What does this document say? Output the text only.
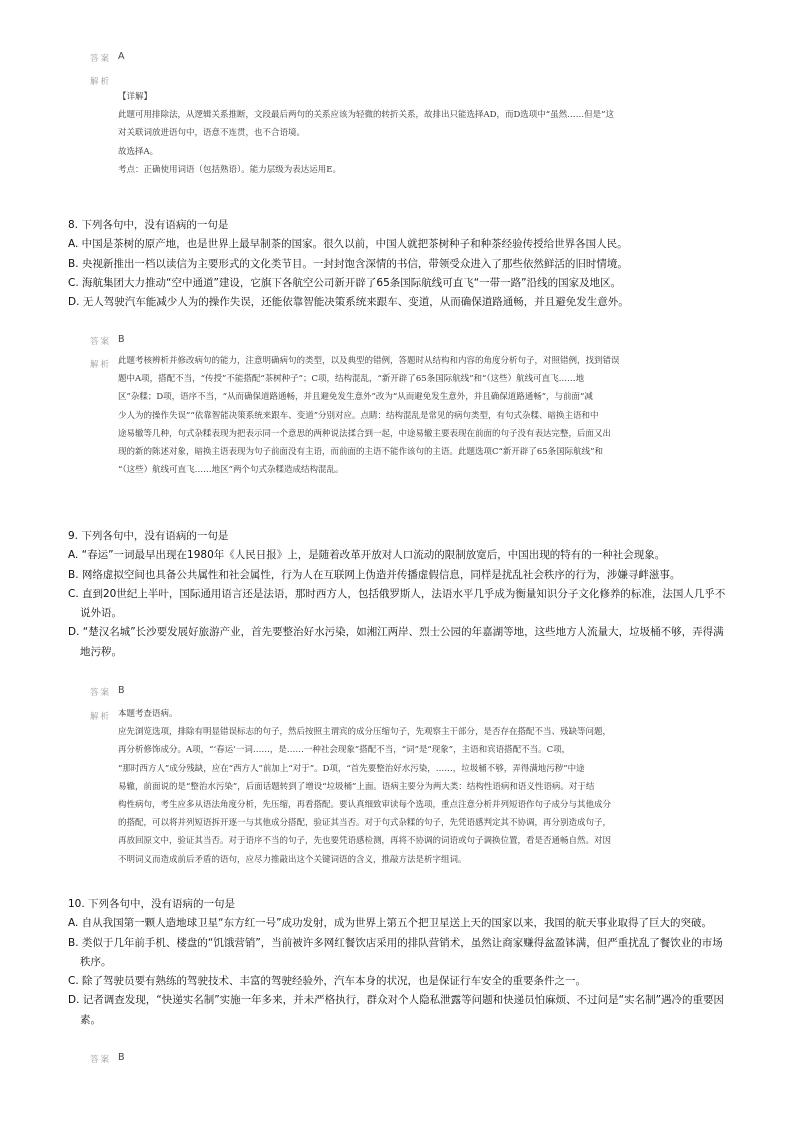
答案 A
解析

【详解】

此题可用排除法，从逻辑关系推断，文段最后两句的关系应该为轻微的转折关系，故排出只能选择AD，而D选项中“虽然……但是”这

对关联词放进语句中，语意不连贯，也不合语境。

故选择A。

考点：正确使用词语（包括熟语）。能力层级为表达运用E。

8. 下列各句中，没有语病的一句是

A. 中国是茶树的原产地，也是世界上最早制茶的国家。很久以前，中国人就把茶树种子和种茶经验传授给世界各国人民。

B. 央视新推出一档以读信为主要形式的文化类节目。一封封饱含深情的书信，带领受众进入了那些依然鲜活的旧时情境。

C. 海航集团大力推动“空中通道”建设，它旗下各航空公司新开辟了65条国际航线可直飞“一带一路”沿线的国家及地区。

D. 无人驾驶汽车能减少人为的操作失误，还能依靠智能决策系统来跟车、变道，从而确保道路通畅，并且避免发生意外。

答案 B
解析 此题考核辨析并修改病句的能力，注意明确病句的类型，以及典型的错例，答题时从结构和内容的角度分析句子，对照错例，找到错误

题中A项，搭配不当，“传授”不能搭配“茶树种子”；C项，结构混乱，“新开辟了65条国际航线”和“（这些）航线可直飞……地

区”杂糅；D项，语序不当，“从而确保道路通畅，并且避免发生意外”改为“从而避免发生意外，并且确保道路通畅”，与前面“减

少人为的操作失误”“依靠智能决策系统来跟车、变道”分别对应。点睛：结构混乱是常见的病句类型，有句式杂糅、暗换主语和中

途易辙等几种，句式杂糅表现为把表示同一个意思的两种说法揉合到一起，中途易辙主要表现在前面的句子没有表达完整，后面又出

现的新的陈述对象，暗换主语表现为句子前面没有主语，而前面的主语不能作该句的主语。此题选项C“新开辟了65条国际航线”和

“（这些）航线可直飞……地区”两个句式杂糅造成结构混乱。

9. 下列各句中，没有语病的一句是

A. “春运”一词最早出现在1980年《人民日报》上，是随着改革开放对人口流动的限制放宽后，中国出现的特有的一种社会现象。

B. 网络虚拟空间也具备公共属性和社会属性，行为人在互联网上伪造并传播虚假信息，同样是扰乱社会秩序的行为，涉嫌寻衅滋事。

C. 直到20世纪上半叶，国际通用语言还是法语，那时西方人，包括俄罗斯人，法语水平几乎成为衡量知识分子文化修养的标准，法国人几乎不说外语。

D. “楚汉名城”长沙要发展好旅游产业，首先要整治好水污染，如湘江两岸、烈士公园的年嘉湖等地，这些地方人流量大，垃圾桶不够，弄得满地污秽。

答案 B
解析 本题考查语病。

应先浏览选项，排除有明显错误标志的句子，然后按照主谓宾的成分压缩句子，先观察主干部分，是否存在搭配不当、残缺等问题，

再分析修饰成分。A项，“‘春运’一词……，是……一种社会现象”搭配不当，“词”是“现象”，主语和宾语搭配不当。C项，

“那时西方人”成分残缺，应在“西方人”前加上“对于”。D项，“首先要整治好水污染，……，垃圾桶不够，弄得满地污秽”中途

易辙，前面说的是“整治水污染”，后面话题转到了增设“垃圾桶”上面。语病主要分为两大类：结构性语病和语义性语病。对于结

构性病句，考生应多从语法角度分析，先压缩，再看搭配。要认真细致审读每个选项，重点注意分析并列短语作句子成分与其他成分

的搭配，可以将并列短语拆开逐一与其他成分搭配，验证其当否。对于句式杂糅的句子，先凭语感判定其不协调，再分别造成句子，

再放回原文中，验证其当否。对于语序不当的句子，先也要凭语感检测，再将不协调的词语或句子调换位置，看是否通畅自然。对因

不明词义而造成前后矛盾的语句，应尽力推敲出这个关键词语的含义，推敲方法是析字组词。

10. 下列各句中，没有语病的一句是

A. 自从我国第一颗人造地球卫星“东方红一号”成功发射，成为世界上第五个把卫星送上天的国家以来，我国的航天事业取得了巨大的突破。

B. 类似于几年前手机、楼盘的“饥饿营销”，当前被许多网红餐饮店采用的排队营销术，虽然让商家赚得盆盈钵满，但严重扰乱了餐饮业的市场秩序。

C. 除了驾驶员要有熟练的驾驶技术、丰富的驾驶经验外，汽车本身的状况，也是保证行车安全的重要条件之一。

D. 记者调查发现，“快递实名制”实施一年多来，并未严格执行，群众对个人隐私泄露等问题和快递员怕麻烦、不过问是“实名制”遇冷的重要因素。

答案 B
